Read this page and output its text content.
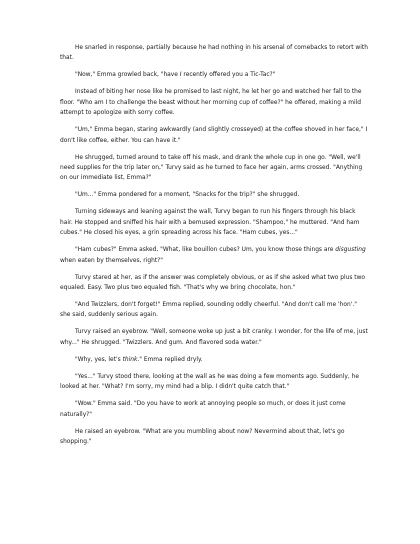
He snarled in response, partially because he had nothing in his arsenal of comebacks to retort with that.

"Now," Emma growled back, "have I recently offered you a Tic-Tac?"

Instead of biting her nose like he promised to last night, he let her go and watched her fall to the floor. "Who am I to challenge the beast without her morning cup of coffee?" he offered, making a mild attempt to apologize with sorry coffee.

"Um," Emma began, staring awkwardly (and slightly crosseyed) at the coffee shoved in her face," I don't like coffee, either. You can have it."

He shrugged, turned around to take off his mask, and drank the whole cup in one go. "Well, we'll need supplies for the trip later on," Turvy said as he turned to face her again, arms crossed. "Anything on our immediate list, Emma?"

"Um..." Emma pondered for a moment, "Snacks for the trip?" she shrugged.

Turning sideways and leaning against the wall, Turvy began to run his fingers through his black hair. He stopped and sniffed his hair with a bemused expression. "Shampoo," he muttered. "And ham cubes." He closed his eyes, a grin spreading across his face. "Ham cubes, yes..."

"Ham cubes?" Emma asked, "What, like bouillon cubes? Um, you know those things are disgusting when eaten by themselves, right?"

Turvy stared at her, as if the answer was completely obvious, or as if she asked what two plus two equaled. Easy. Two plus two equaled fish. "That's why we bring chocolate, hon."

"And Twizzlers, don't forget!" Emma replied, sounding oddly cheerful. "And don't call me 'hon'." she said, suddenly serious again.

Turvy raised an eyebrow. "Well, someone woke up just a bit cranky. I wonder, for the life of me, just why..." He shrugged. "Twizzlers. And gum. And flavored soda water."

"Why, yes, let's think." Emma replied dryly.

"Yes..." Turvy stood there, looking at the wall as he was doing a few moments ago. Suddenly, he looked at her. "What? I'm sorry, my mind had a blip. I didn't quite catch that."

"Wow." Emma said. "Do you have to work at annoying people so much, or does it just come naturally?"

He raised an eyebrow. "What are you mumbling about now? Nevermind about that, let's go shopping."
